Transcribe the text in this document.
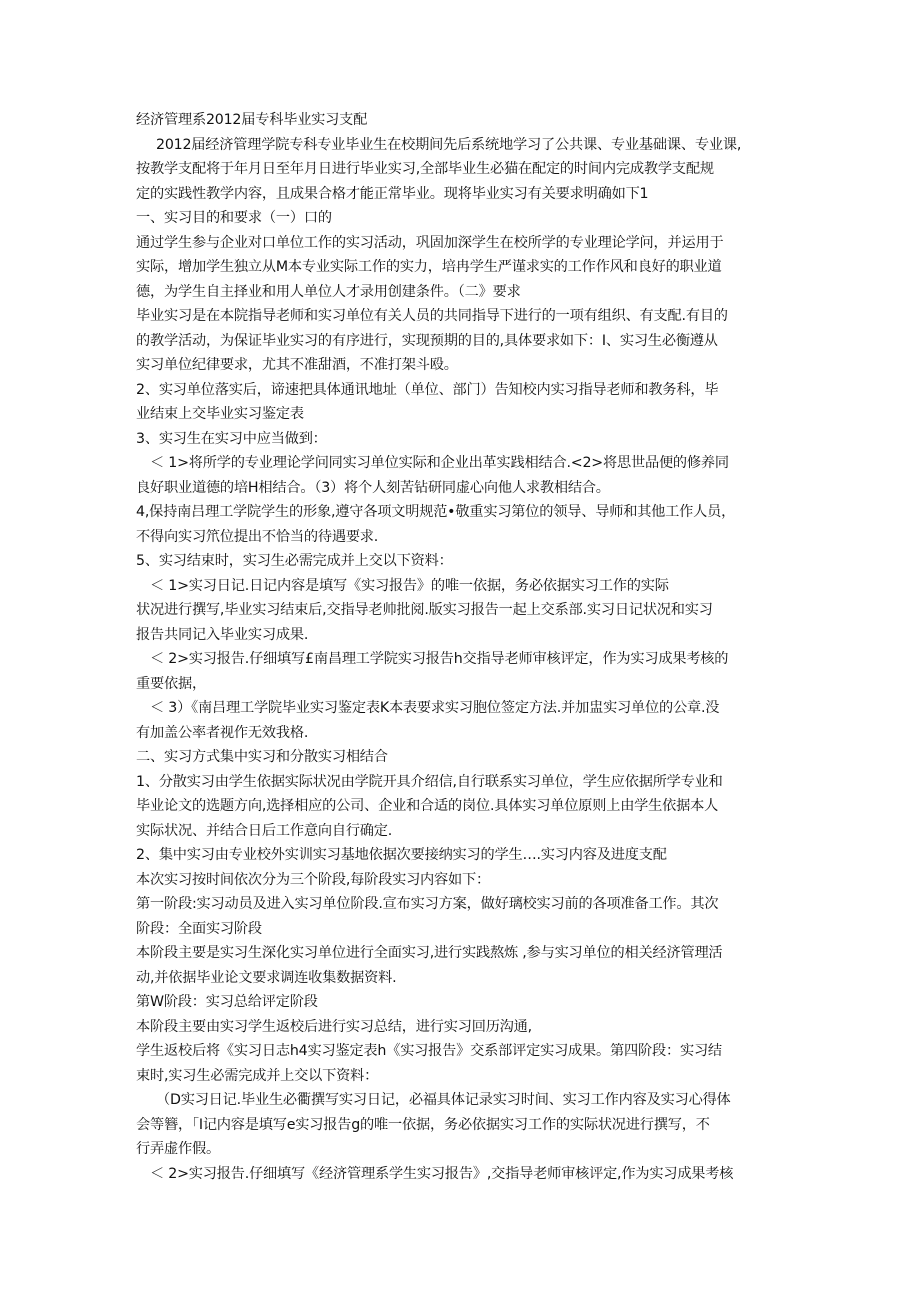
经济管理系2012届专科毕业实习支配
2012届经济管理学院专科专业毕业生在校期间先后系统地学习了公共课、专业基础课、专业课,
按教学支配将于年月日至年月日进行毕业实习,全部毕业生必猫在配定的时间内完成教学支配规
定的实践性教学内容，且成果合格才能正常毕业。现将毕业实习有关要求明确如下1
一、实习目的和要求（一）口的
通过学生参与企业对口单位工作的实习活动，巩固加深学生在校所学的专业理论学问，并运用于
实际，增加学生独立从M本专业实际工作的实力，培冉学生严谨求实的工作作风和良好的职业道
德，为学生自主择业和用人单位人才录用创建条件。（二》要求
毕业实习是在本院指导老师和实习单位有关人员的共同指导下进行的一项有组织、有支配.有目的
的教学活动，为保证毕业实习的有序进行，实现预期的目的,具体要求如下：I、实习生必衡遵从
实习单位纪律要求，尤其不准甜酒，不准打架斗殴。
2、实习单位落实后，谛速把具体通讯地址（单位、部门）告知校内实习指导老师和教务科，毕
业结束上交毕业实习鉴定表
3、实习生在实习中应当做到：
＜ 1>将所学的专业理论学问同实习单位实际和企业出革实践相结合.<2>将思世品便的修养同
良好职业道德的培H相结合。（3）将个人刻苦钻研同虚心向他人求教相结合。
4,保持南吕理工学院学生的形象,遵守各项文明规范•敬重实习第位的领导、导师和其他工作人员，
不得向实习笊位提出不恰当的待遇要求.
5、实习结束时，实习生必需完成并上交以下资料：
＜ 1>实习日记.日记内容是填写《实习报告》的唯一依据，务必依据实习工作的实际
状况进行撰写,毕业实习结束后,交指导老帅批阅.版实习报告一起上交系部.实习日记状况和实习
报告共同记入毕业实习成果.
＜ 2>实习报告.仔细填写£南昌理工学院实习报告h交指导老师审核评定，作为实习成果考核的
重要依据，
＜ 3）《南吕理工学院毕业实习鉴定表K本表要求实习胞位签定方法.并加盅实习单位的公章.没
有加盖公率者视作无效我格.
二、实习方式集中实习和分散实习相结合
1、分散实习由学生依据实际状况由学院开具介绍信,自行联系实习单位，学生应依据所学专业和
毕业论文的选题方向,选择相应的公司、企业和合适的岗位.具体实习单位原则上由学生依据本人
实际状况、并结合日后工作意向自行确定.
2、集中实习由专业校外实训实习基地依据次要接纳实习的学生….实习内容及进度支配
本次实习按时间依次分为三个阶段,每阶段实习内容如下：
第一阶段:实习动员及进入实习单位阶段.宣布实习方案，做好璃校实习前的各项准备工作。其次
阶段：全面实习阶段
本阶段主要是实习生深化实习单位进行全面实习,进行实践熬炼 ,参与实习单位的相关经济管理活
动,并依据毕业论文要求调连收集数据资料.
第W阶段：实习总给评定阶段
本阶段主要由实习学生返校后进行实习总结，进行实习回历沟通,
学生返校后将《实习日志h4实习鉴定表h《实习报告》交系部评定实习成果。第四阶段：实习结
束时,实习生必需完成并上交以下资料：
（D实习日记.毕业生必衢撰写实习日记，必福具体记录实习时间、实习工作内容及实习心得体
会等簪，「I记内容是填写e实习报告g的唯一依据，务必依据实习工作的实际状况进行撰写，不
行弄虚作假。
＜ 2>实习报告.仔细填写《经济管理系学生实习报告》,交指导老师审核评定,作为实习成果考核
